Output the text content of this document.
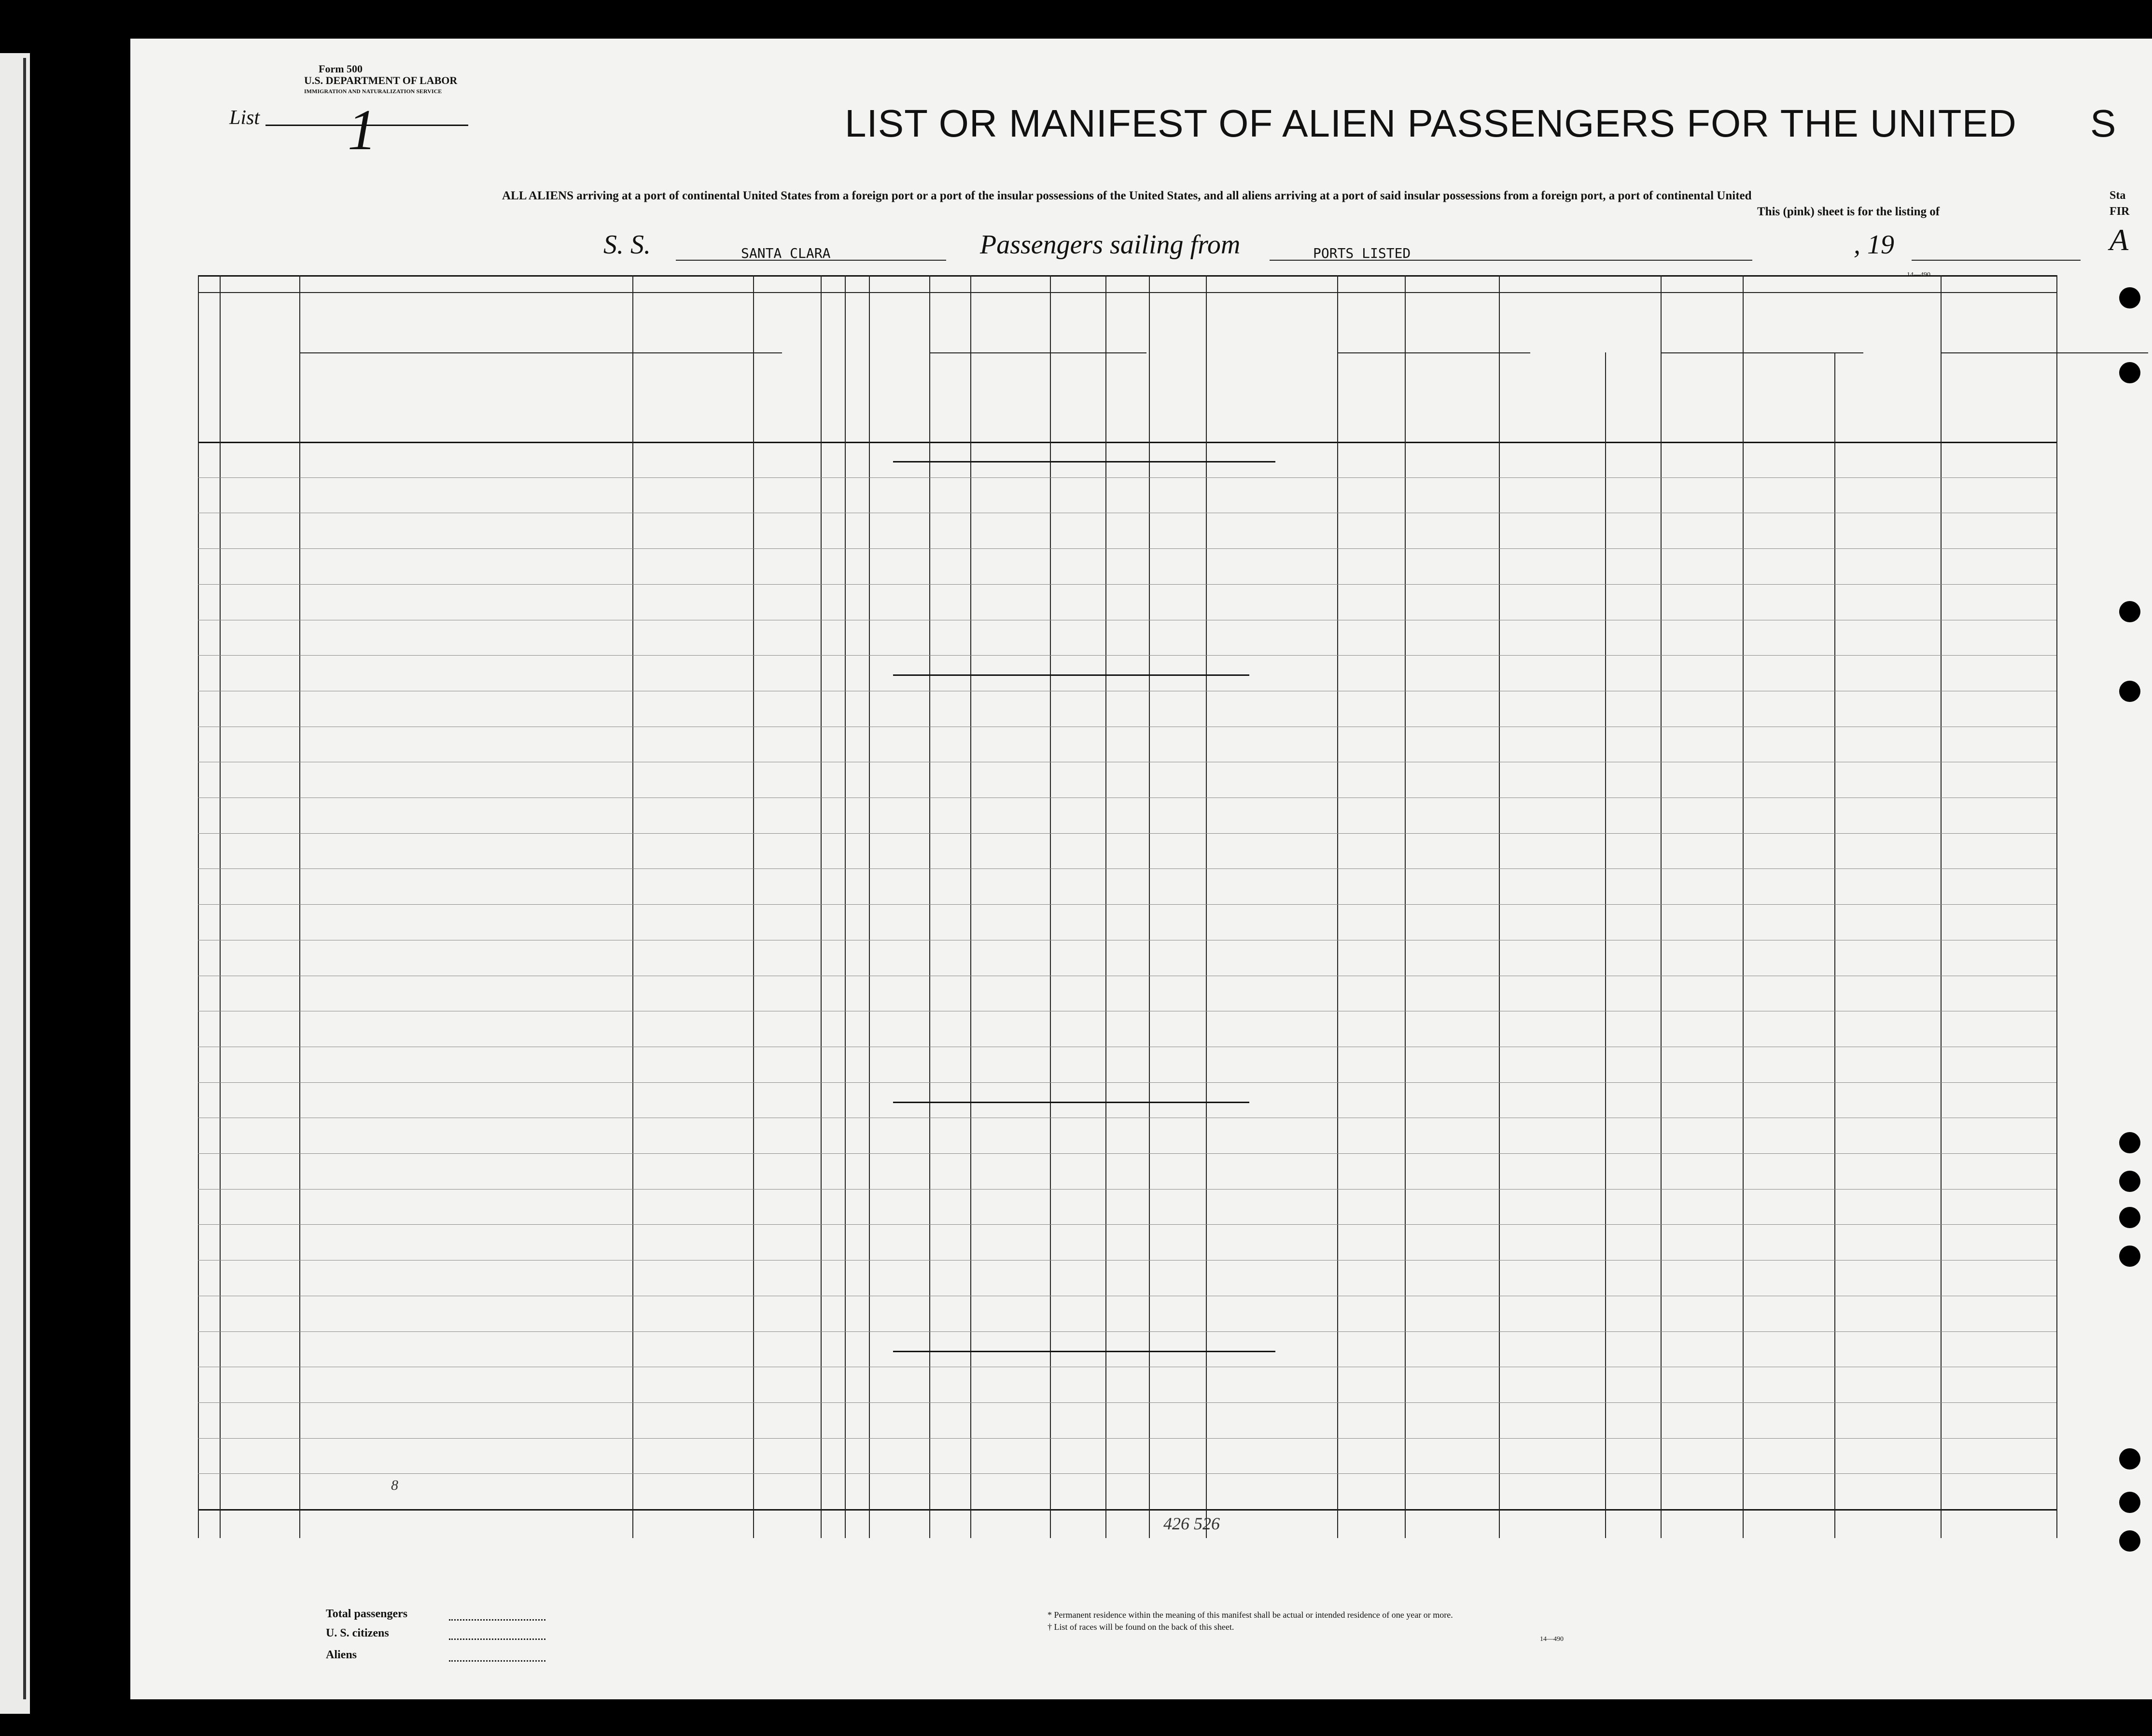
Form 500
U.S. DEPARTMENT OF LABOR
IMMIGRATION AND NATURALIZATION SERVICE
List 1	LIST OR MANIFEST OF ALIEN PASSENGERS FOR THE UNITED S
ALL ALIENS arriving at a port of continental United States from a foreign port or a port of the insular possessions of the United States, and all aliens arriving at a port of said insular possessions from a foreign port, a port of continental United
This (pink) sheet is for the listing of
Sta
FIR
S. S.	SANTA CLARA	Passengers sailing from	PORTS LISTED	, 19	A
14—490
Total passengers
U. S. citizens
Aliens
* Permanent residence within the meaning of this manifest shall be actual or intended residence of one year or more.
† List of races will be found on the back of this sheet.
14—490
426 526
8
